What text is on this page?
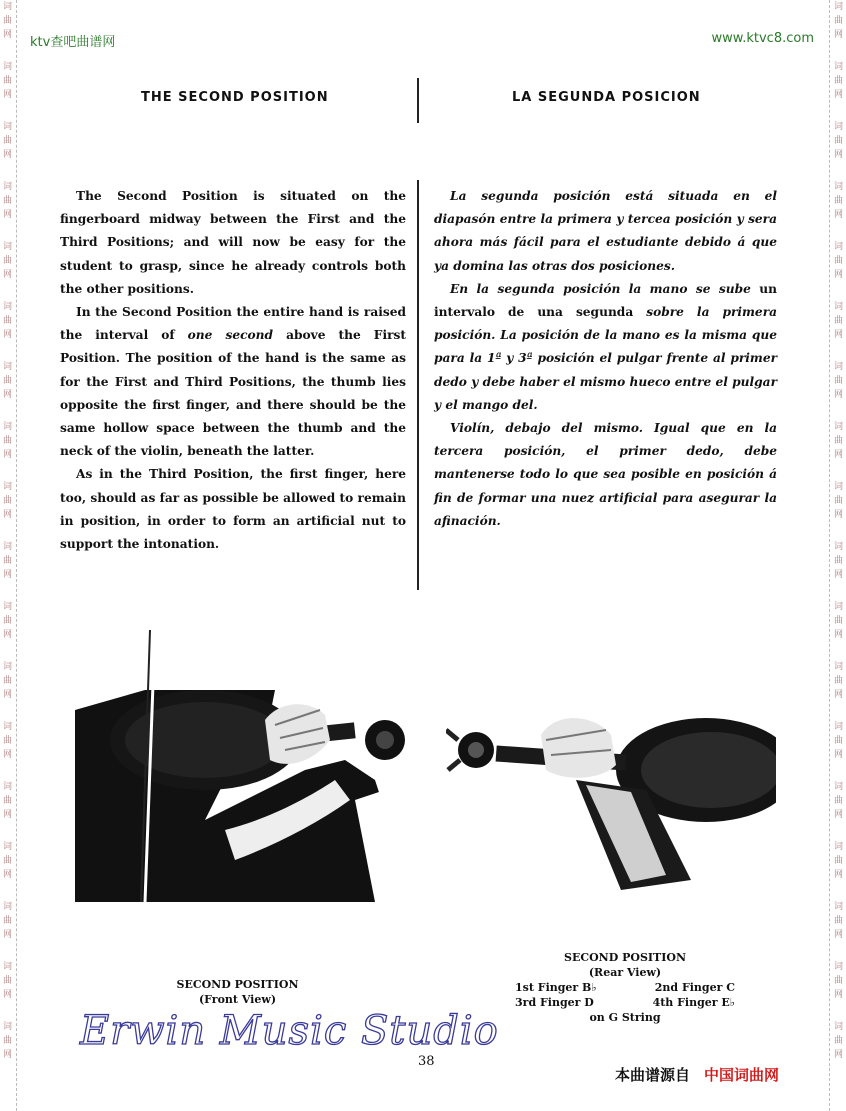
词
曲
网
词
曲
网
词
曲
网
词
曲
网
词
曲
网
词
曲
网
词
曲
网
词
曲
网
词
曲
网
词
曲
网
词
曲
网
词
曲
网
词
曲
网
词
曲
网
词
曲
网
词
曲
网
词
曲
网
词
曲
网
词
曲
网
词
曲
网
词
曲
网
词
曲
网
词
曲
网
词
曲
网
词
曲
网
词
曲
网
词
曲
网
词
曲
网
词
曲
网
词
曲
网
词
曲
网
词
曲
网
词
曲
网
词
曲
网
词
曲
网
词
曲
网
ktv查吧曲谱网	www.ktvc8.com
THE SECOND POSITION	LA SEGUNDA POSICION

The Second Position is situated on the fingerboard midway between the First and the Third Positions; and will now be easy for the student to grasp, since he already controls both the other positions.

In the Second Position the entire hand is raised the interval of one second above the First Position. The position of the hand is the same as for the First and Third Positions, the thumb lies opposite the first finger, and there should be the same hollow space between the thumb and the neck of the violin, beneath the latter.

As in the Third Position, the first finger, here too, should as far as possible be allowed to remain in position, in order to form an artificial nut to support the intonation.

La segunda posición está situada en el diapasón entre la primera y tercea posición y sera ahora más fácil para el estudiante debido á que ya domina las otras dos posiciones.

En la segunda posición la mano se sube un intervalo de una segunda sobre la primera posición. La posición de la mano es la misma que para la 1ª y 3ª posición el pulgar frente al primer dedo y debe haber el mismo hueco entre el pulgar y el mango del.

Violín, debajo del mismo. Igual que en la tercera posición, el primer dedo, debe mantenerse todo lo que sea posible en posición á fin de formar una nuez artificial para asegurar la afinación.

SECOND POSITION
(Front View)
SECOND POSITION
(Rear View)
1st Finger B♭	2nd Finger C
3rd Finger D	4th Finger E♭
on G String
Erwin Music Studio
38
本曲谱源自 中国词曲网
